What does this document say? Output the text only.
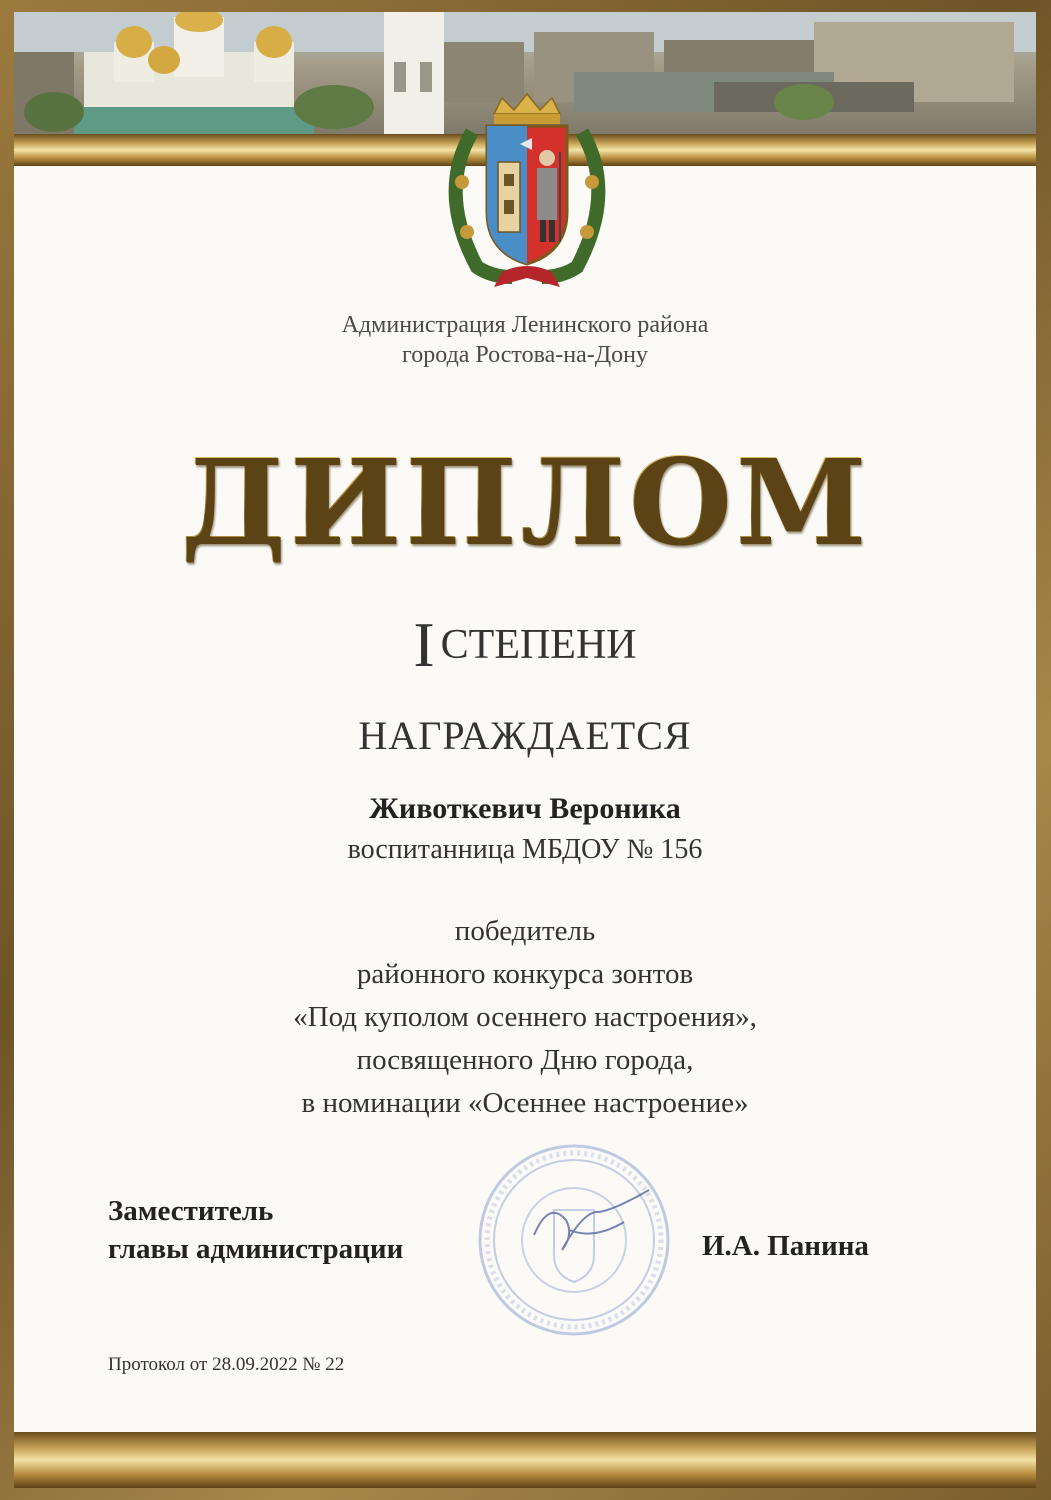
Администрация Ленинского района
города Ростова-на-Дону
ДИПЛОМ
IСТЕПЕНИ
НАГРАЖДАЕТСЯ
Животкевич Вероника
воспитанница МБДОУ № 156
победитель
районного конкурса зонтов
«Под куполом осеннего настроения»,
посвященного Дню города,
в номинации «Осеннее настроение»
Заместитель
главы администрации	И.А. Панина
Протокол от 28.09.2022 № 22
